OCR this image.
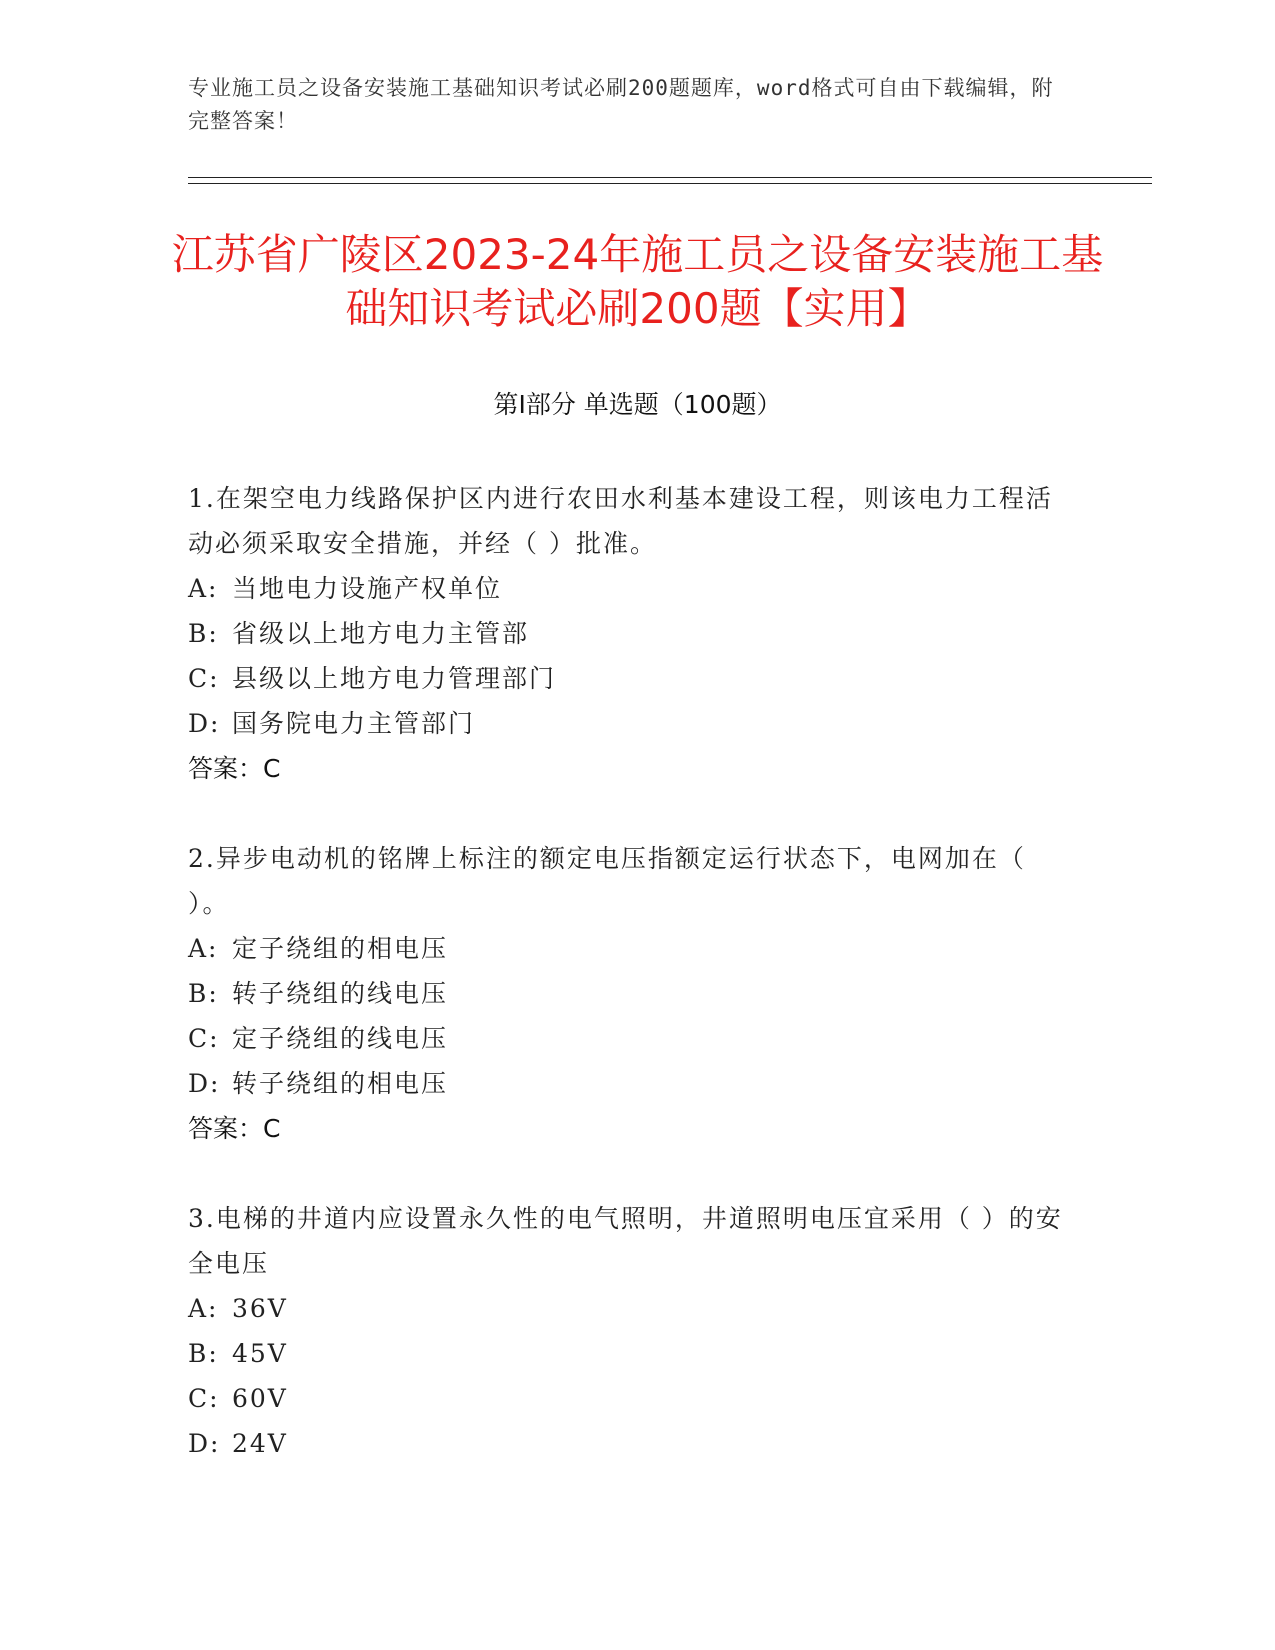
专业施工员之设备安装施工基础知识考试必刷200题题库，word格式可自由下载编辑，附完整答案！
江苏省广陵区2023-24年施工员之设备安装施工基础知识考试必刷200题【实用】
第I部分 单选题（100题）

1.在架空电力线路保护区内进行农田水利基本建设工程，则该电力工程活动必须采取安全措施，并经（ ）批准。

A: 当地电力设施产权单位

B: 省级以上地方电力主管部

C: 县级以上地方电力管理部门

D: 国务院电力主管部门

答案：C

2.异步电动机的铭牌上标注的额定电压指额定运行状态下，电网加在（ ）。

A: 定子绕组的相电压

B: 转子绕组的线电压

C: 定子绕组的线电压

D: 转子绕组的相电压

答案：C

3.电梯的井道内应设置永久性的电气照明，井道照明电压宜采用（ ）的安全电压

A: 36V

B: 45V

C: 60V

D: 24V
